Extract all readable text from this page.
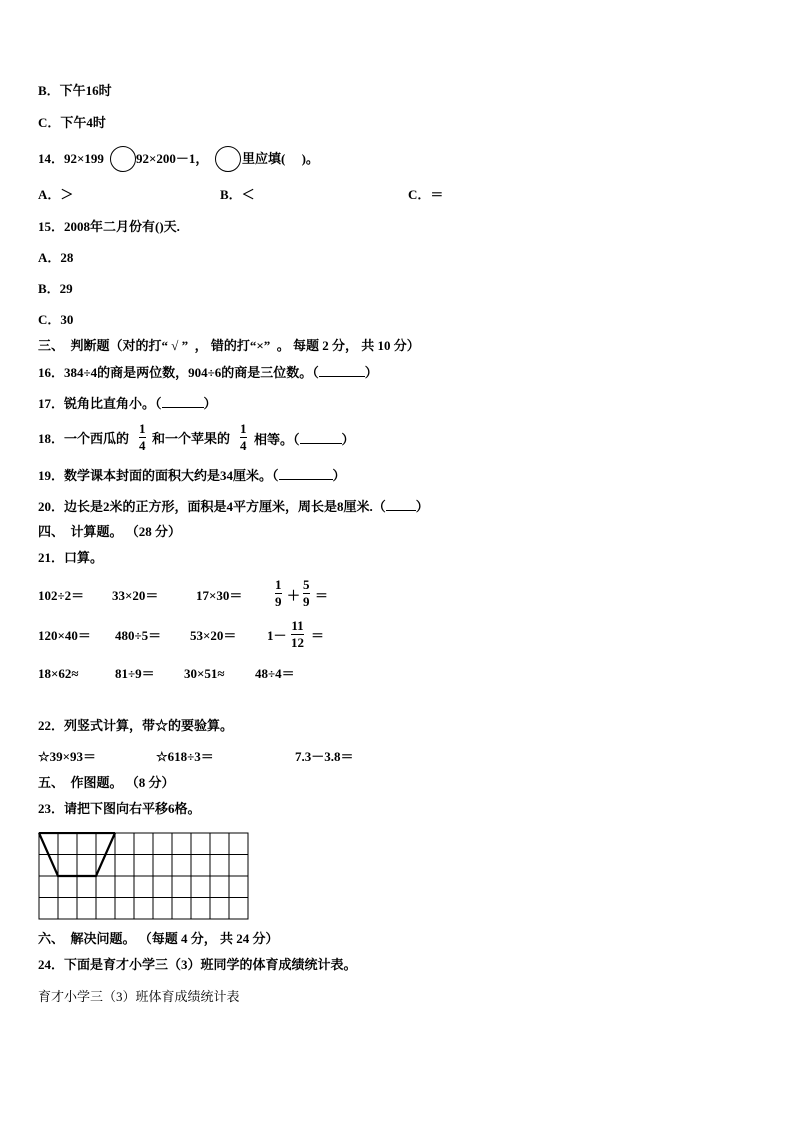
B．下午16时
C．下午4时
14．92×199 92×200－1，	里应填(     )。
A．＞	B．＜	C．＝
15．2008年二月份有()天.
A．28
B．29
C．30
三、  判断题（对的打“ √ ”  ， 错的打“×”  。 每题 2 分， 共 10 分）
16．384÷4的商是两位数，904÷6的商是三位数。（	）
17．锐角比直角小。（	）
18．一个西瓜的
1
4 和一个苹果的
1
4 相等。（	）
19．数学课本封面的面积大约是34厘米。（	）
20．边长是2米的正方形，面积是4平方厘米，周长是8厘米.（ ）
四、  计算题。 （28 分）
21．口算。
102÷2＝ 33×20＝	17×30＝
1
9 ＋
5
9 ＝
120×40＝ 480÷5＝ 53×20＝ 1－
11
12 ＝
18×62≈	81÷9＝ 30×51≈ 48÷4＝
22．列竖式计算，带☆的要验算。
☆39×93＝	☆618÷3＝	7.3－3.8＝
五、  作图题。 （8 分）
23．请把下图向右平移6格。
六、  解决问题。 （每题 4 分， 共 24 分）
24．下面是育才小学三（3）班同学的体育成绩统计表。
育才小学三（3）班体育成绩统计表
